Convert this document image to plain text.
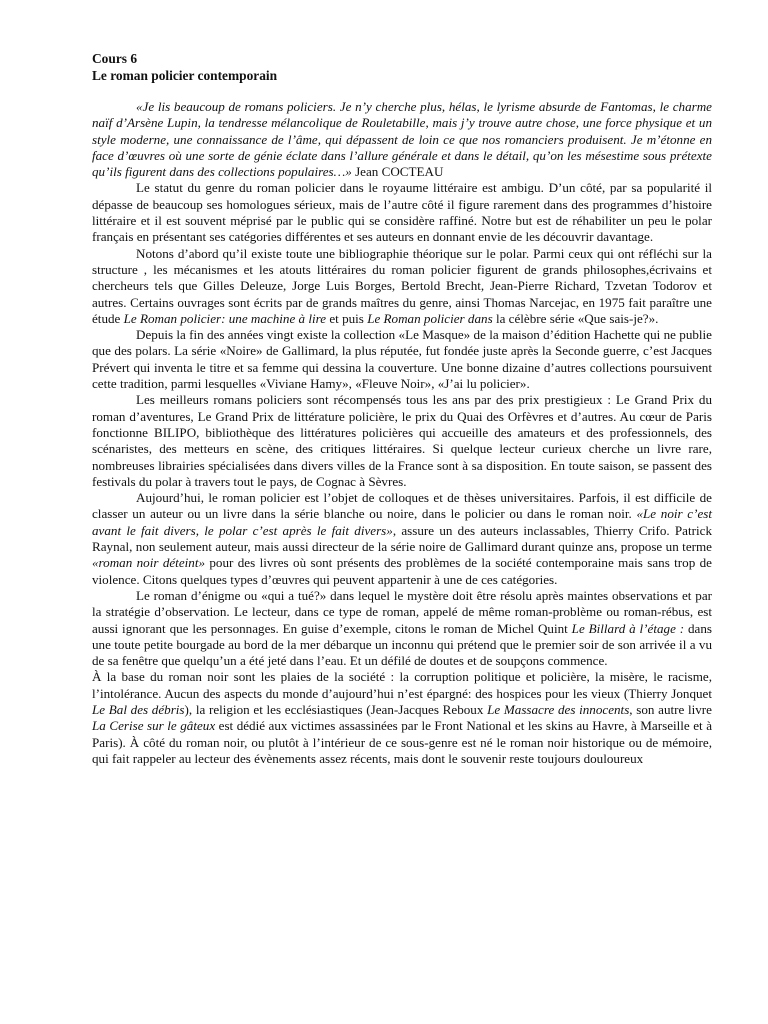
Cours 6
Le roman policier contemporain

«Je lis beaucoup de romans policiers. Je n’y cherche plus, hélas, le lyrisme absurde de Fantomas, le charme naïf d’Arsène Lupin, la tendresse mélancolique de Rouletabille, mais j’y trouve autre chose, une force physique et un style moderne, une connaissance de l’âme, qui dépassent de loin ce que nos romanciers produisent. Je m’étonne en face d’œuvres où une sorte de génie éclate dans l’allure générale et dans le détail, qu’on les mésestime sous prétexte qu’ils figurent dans des collections populaires…» Jean COCTEAU

Le statut du genre du roman policier dans le royaume littéraire est ambigu. D’un côté, par sa popularité il dépasse de beaucoup ses homologues sérieux, mais de l’autre côté il figure rarement dans des programmes d’histoire littéraire et il est souvent méprisé par le public qui se considère raffiné. Notre but est de réhabiliter un peu le polar français en présentant ses catégories différentes et ses auteurs en donnant envie de les découvrir davantage.

Notons d’abord qu’il existe toute une bibliographie théorique sur le polar. Parmi ceux qui ont réfléchi sur la structure , les mécanismes et les atouts littéraires du roman policier figurent de grands philosophes,écrivains et chercheurs tels que Gilles Deleuze, Jorge Luis Borges, Bertold Brecht, Jean-Pierre Richard, Tzvetan Todorov et autres. Certains ouvrages sont écrits par de grands maîtres du genre, ainsi Thomas Narcejac, en 1975 fait paraître une étude Le Roman policier: une machine à lire et puis Le Roman policier dans la célèbre série «Que sais-je?».

Depuis la fin des années vingt existe la collection «Le Masque» de la maison d’édition Hachette qui ne publie que des polars. La série «Noire» de Gallimard, la plus réputée, fut fondée juste après la Seconde guerre, c’est Jacques Prévert qui inventa le titre et sa femme qui dessina la couverture. Une bonne dizaine d’autres collections poursuivent cette tradition, parmi lesquelles «Viviane Hamy», «Fleuve Noir», «J’ai lu policier».

Les meilleurs romans policiers sont récompensés tous les ans par des prix prestigieux : Le Grand Prix du roman d’aventures, Le Grand Prix de littérature policière, le prix du Quai des Orfèvres et d’autres. Au cœur de Paris fonctionne BILIPO, bibliothèque des littératures policières qui accueille des amateurs et des professionnels, des scénaristes, des metteurs en scène, des critiques littéraires. Si quelque lecteur curieux cherche un livre rare, nombreuses librairies spécialisées dans divers villes de la France sont à sa disposition. En toute saison, se passent des festivals du polar à travers tout le pays, de Cognac à Sèvres.

Aujourd’hui, le roman policier est l’objet de colloques et de thèses universitaires. Parfois, il est difficile de classer un auteur ou un livre dans la série blanche ou noire, dans le policier ou dans le roman noir. «Le noir c’est avant le fait divers, le polar c’est après le fait divers», assure un des auteurs inclassables, Thierry Crifo. Patrick Raynal, non seulement auteur, mais aussi directeur de la série noire de Gallimard durant quinze ans, propose un terme «roman noir déteint» pour des livres où sont présents des problèmes de la société contemporaine mais sans trop de violence. Citons quelques types d’œuvres qui peuvent appartenir à une de ces catégories.

Le roman d’énigme ou «qui a tué?» dans lequel le mystère doit être résolu après maintes observations et par la stratégie d’observation. Le lecteur, dans ce type de roman, appelé de même roman-problème ou roman-rébus, est aussi ignorant que les personnages. En guise d’exemple, citons le roman de Michel Quint Le Billard à l’étage : dans une toute petite bourgade au bord de la mer débarque un inconnu qui prétend que le premier soir de son arrivée il a vu de sa fenêtre que quelqu’un a été jeté dans l’eau. Et un défilé de doutes et de soupçons commence.

À la base du roman noir sont les plaies de la société : la corruption politique et policière, la misère, le racisme, l’intolérance. Aucun des aspects du monde d’aujourd’hui n’est épargné: des hospices pour les vieux (Thierry Jonquet Le Bal des débris), la religion et les ecclésiastiques (Jean-Jacques Reboux Le Massacre des innocents, son autre livre La Cerise sur le gâteux est dédié aux victimes assassinées par le Front National et les skins au Havre, à Marseille et à Paris). À côté du roman noir, ou plutôt à l’intérieur de ce sous-genre est né le roman noir historique ou de mémoire, qui fait rappeler au lecteur des évènements assez récents, mais dont le souvenir reste toujours douloureux
